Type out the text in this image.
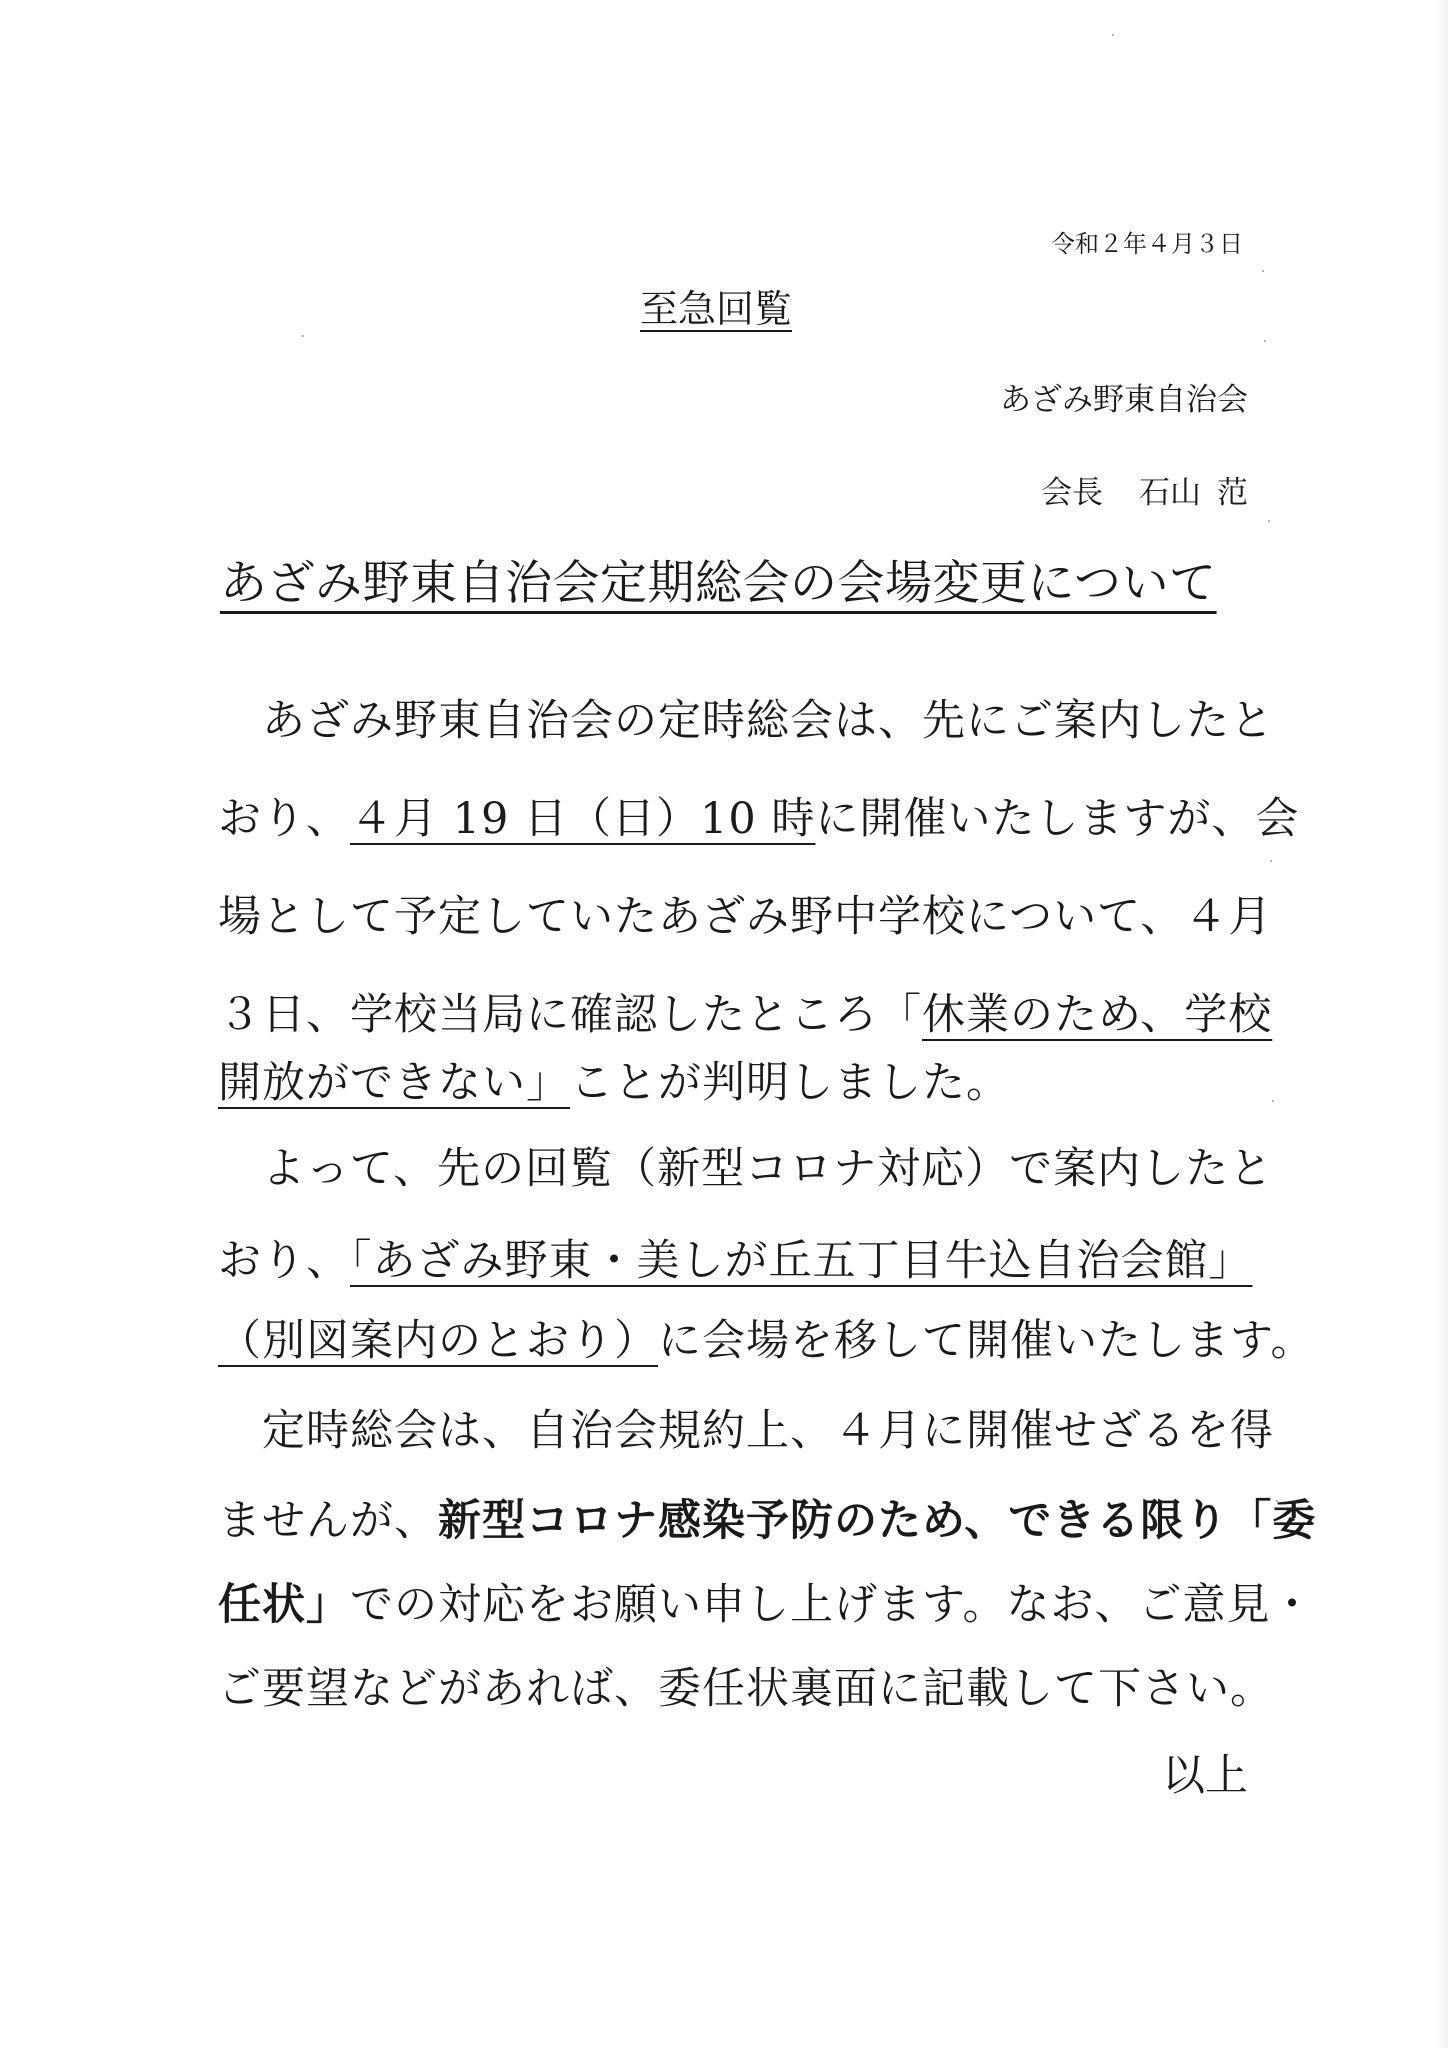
令和２年４月３日
至急回覧
あざみ野東自治会
会長 石山 范
あざみ野東自治会定期総会の会場変更について
　あざみ野東自治会の定時総会は、先にご案内したと
おり、４月 19 日（日）10 時に開催いたしますが、会
場として予定していたあざみ野中学校について、４月
３日、学校当局に確認したところ「休業のため、学校
開放ができない」ことが判明しました。
　よって、先の回覧（新型コロナ対応）で案内したと
おり、「あざみ野東・美しが丘五丁目牛込自治会館」
（別図案内のとおり）に会場を移して開催いたします。
　定時総会は、自治会規約上、４月に開催せざるを得
ませんが、新型コロナ感染予防のため、できる限り「委
任状」での対応をお願い申し上げます。なお、ご意見・
ご要望などがあれば、委任状裏面に記載して下さい。
以上
